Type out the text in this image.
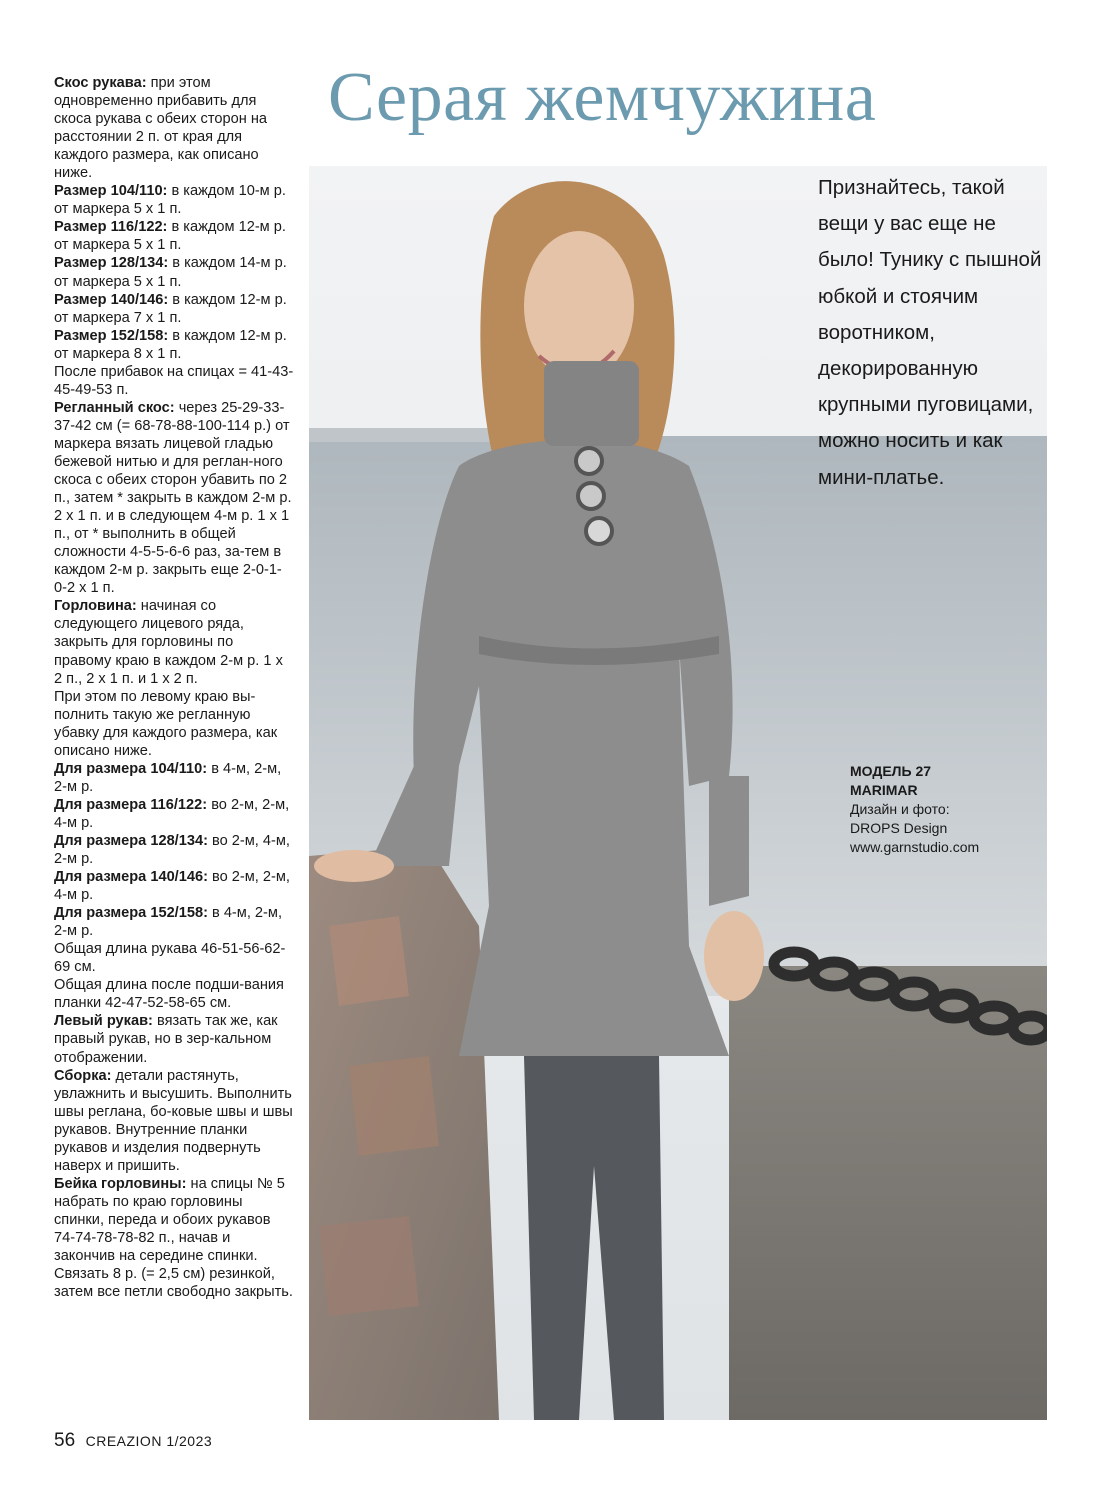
Серая жемчужина

Скос рукава: при этом одновременно прибавить для скоса рукава с обеих сторон на расстоянии 2 п. от края для каждого размера, как описано ниже.

Размер 104/110: в каждом 10-м р. от маркера 5 х 1 п.

Размер 116/122: в каждом 12-м р. от маркера 5 х 1 п.

Размер 128/134: в каждом 14-м р. от маркера 5 х 1 п.

Размер 140/146: в каждом 12-м р. от маркера 7 х 1 п.

Размер 152/158: в каждом 12-м р. от маркера 8 х 1 п.

После прибавок на спицах = 41-43-45-49-53 п.

Регланный скос: через 25-29-33-37-42 см (= 68-78-88-100-114 р.) от маркера вязать лицевой гладью бежевой нитью и для реглан-ного скоса с обеих сторон убавить по 2 п., затем * закрыть в каждом 2-м р. 2 х 1 п. и в следующем 4-м р. 1 х 1 п., от * выполнить в общей сложности 4-5-5-6-6 раз, за-тем в каждом 2-м р. закрыть еще 2-0-1-0-2 х 1 п.

Горловина: начиная со следующего лицевого ряда, закрыть для горловины по правому краю в каждом 2-м р. 1 х 2 п., 2 х 1 п. и 1 х 2 п.

При этом по левому краю вы-полнить такую же регланную убавку для каждого размера, как описано ниже.

Для размера 104/110: в 4-м, 2-м, 2-м р.

Для размера 116/122: во 2-м, 2-м, 4-м р.

Для размера 128/134: во 2-м, 4-м, 2-м р.

Для размера 140/146: во 2-м, 2-м, 4-м р.

Для размера 152/158: в 4-м, 2-м, 2-м р.

Общая длина рукава 46-51-56-62-69 см.

Общая длина после подши-вания планки 42-47-52-58-65 см.

Левый рукав: вязать так же, как правый рукав, но в зер-кальном отображении.

Сборка: детали растянуть, увлажнить и высушить. Выполнить швы реглана, бо-ковые швы и швы рукавов. Внутренние планки рукавов и изделия подвернуть наверх и пришить.

Бейка горловины: на спицы № 5 набрать по краю горловины спинки, переда и обоих рукавов 74-74-78-78-82 п., начав и закончив на середине спинки. Связать 8 р. (= 2,5 см) резинкой, затем все петли свободно закрыть.

56 CREAZION 1/2023
Признайтесь, такой вещи у вас еще не было! Тунику с пышной юбкой и стоячим воротником, декорированную крупными пуговицами, можно носить и как мини-платье.
МОДЕЛЬ 27
MARIMAR
Дизайн и фото:
DROPS Design
www.garnstudio.com
